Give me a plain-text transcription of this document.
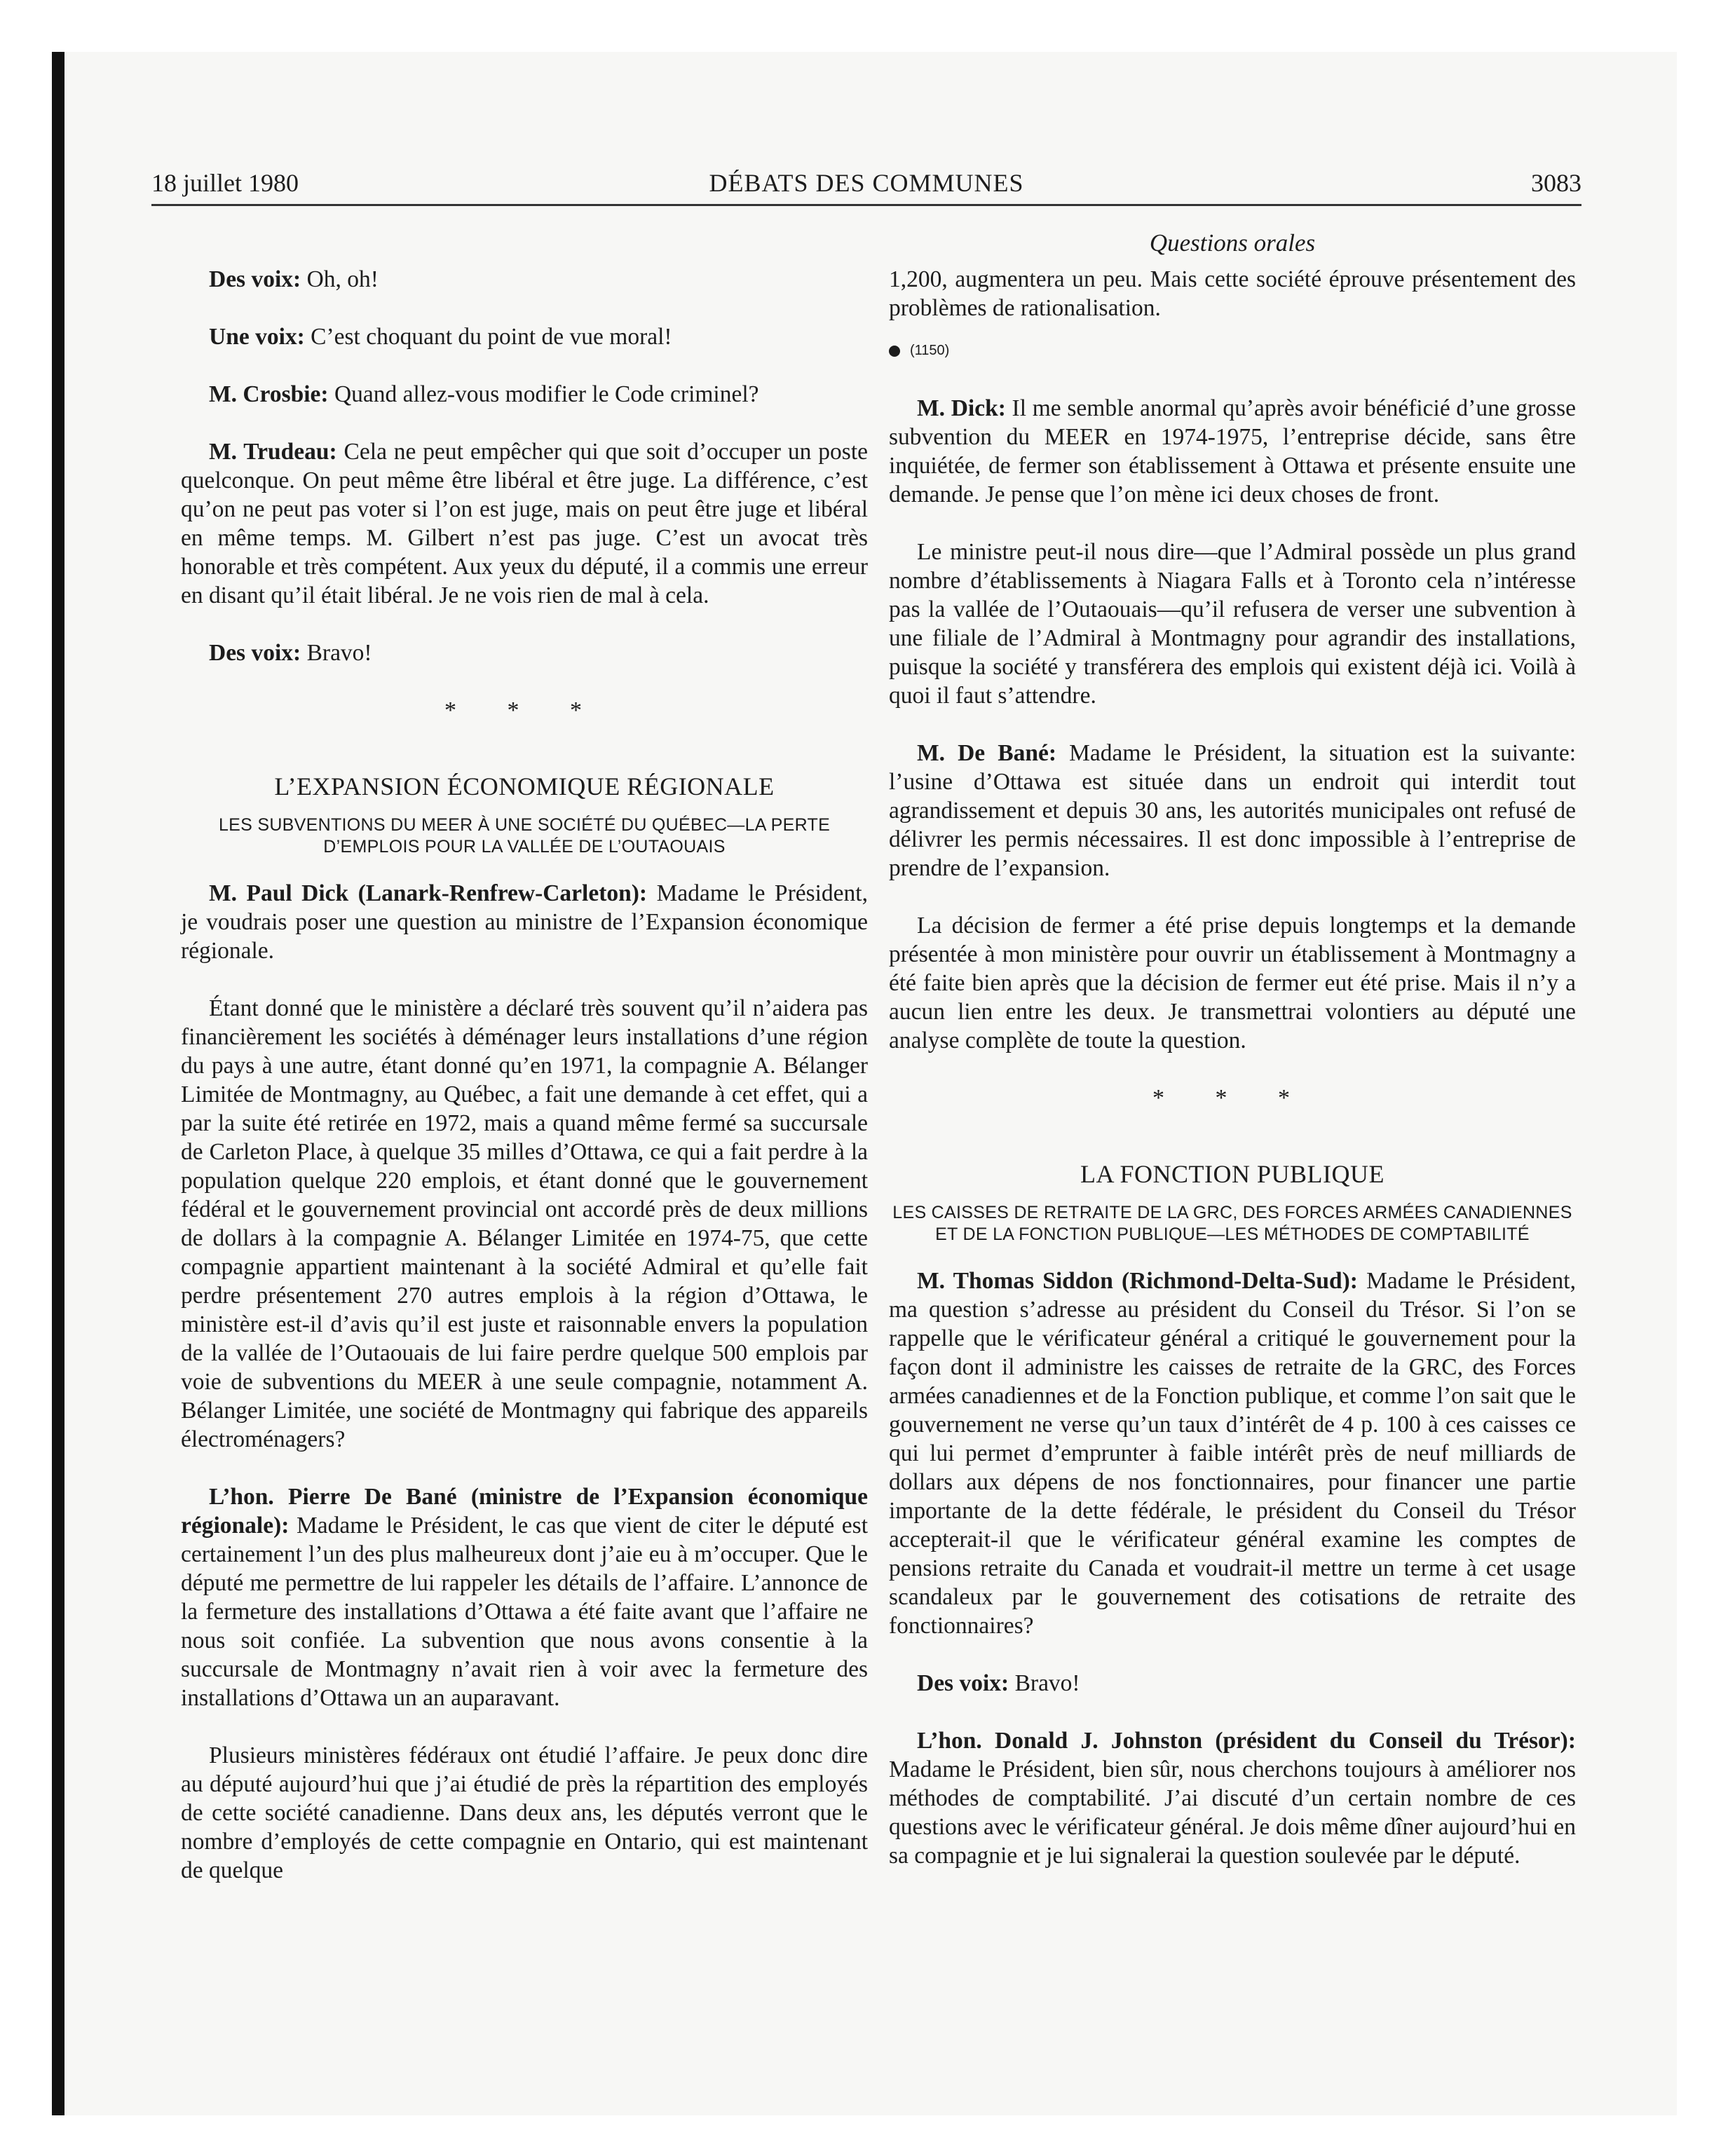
18 juillet 1980	DÉBATS DES COMMUNES	3083

Des voix: Oh, oh!

Une voix: C’est choquant du point de vue moral!

M. Crosbie: Quand allez-vous modifier le Code criminel?

M. Trudeau: Cela ne peut empêcher qui que soit d’occuper un poste quelconque. On peut même être libéral et être juge. La différence, c’est qu’on ne peut pas voter si l’on est juge, mais on peut être juge et libéral en même temps. M. Gilbert n’est pas juge. C’est un avocat très honorable et très compétent. Aux yeux du député, il a commis une erreur en disant qu’il était libéral. Je ne vois rien de mal à cela.

Des voix: Bravo!

* * *
L’EXPANSION ÉCONOMIQUE RÉGIONALE
LES SUBVENTIONS DU MEER À UNE SOCIÉTÉ DU QUÉBEC—LA PERTE D’EMPLOIS POUR LA VALLÉE DE L’OUTAOUAIS

M. Paul Dick (Lanark-Renfrew-Carleton): Madame le Président, je voudrais poser une question au ministre de l’Expansion économique régionale.

Étant donné que le ministère a déclaré très souvent qu’il n’aidera pas financièrement les sociétés à déménager leurs installations d’une région du pays à une autre, étant donné qu’en 1971, la compagnie A. Bélanger Limitée de Montmagny, au Québec, a fait une demande à cet effet, qui a par la suite été retirée en 1972, mais a quand même fermé sa succursale de Carleton Place, à quelque 35 milles d’Ottawa, ce qui a fait perdre à la population quelque 220 emplois, et étant donné que le gouvernement fédéral et le gouvernement provincial ont accordé près de deux millions de dollars à la compagnie A. Bélanger Limitée en 1974-75, que cette compagnie appartient maintenant à la société Admiral et qu’elle fait perdre présentement 270 autres emplois à la région d’Ottawa, le ministère est-il d’avis qu’il est juste et raisonnable envers la population de la vallée de l’Outaouais de lui faire perdre quelque 500 emplois par voie de subventions du MEER à une seule compagnie, notamment A. Bélanger Limitée, une société de Montmagny qui fabrique des appareils électroménagers?

L’hon. Pierre De Bané (ministre de l’Expansion économique régionale): Madame le Président, le cas que vient de citer le député est certainement l’un des plus malheureux dont j’aie eu à m’occuper. Que le député me permettre de lui rappeler les détails de l’affaire. L’annonce de la fermeture des installations d’Ottawa a été faite avant que l’affaire ne nous soit confiée. La subvention que nous avons consentie à la succursale de Montmagny n’avait rien à voir avec la fermeture des installations d’Ottawa un an auparavant.

Plusieurs ministères fédéraux ont étudié l’affaire. Je peux donc dire au député aujourd’hui que j’ai étudié de près la répartition des employés de cette société canadienne. Dans deux ans, les députés verront que le nombre d’employés de cette compagnie en Ontario, qui est maintenant de quelque

Questions orales

1,200, augmentera un peu. Mais cette société éprouve présentement des problèmes de rationalisation.

(1150)

M. Dick: Il me semble anormal qu’après avoir bénéficié d’une grosse subvention du MEER en 1974-1975, l’entreprise décide, sans être inquiétée, de fermer son établissement à Ottawa et présente ensuite une demande. Je pense que l’on mène ici deux choses de front.

Le ministre peut-il nous dire—que l’Admiral possède un plus grand nombre d’établissements à Niagara Falls et à Toronto cela n’intéresse pas la vallée de l’Outaouais—qu’il refusera de verser une subvention à une filiale de l’Admiral à Montmagny pour agrandir des installations, puisque la société y transférera des emplois qui existent déjà ici. Voilà à quoi il faut s’attendre.

M. De Bané: Madame le Président, la situation est la suivante: l’usine d’Ottawa est située dans un endroit qui interdit tout agrandissement et depuis 30 ans, les autorités municipales ont refusé de délivrer les permis nécessaires. Il est donc impossible à l’entreprise de prendre de l’expansion.

La décision de fermer a été prise depuis longtemps et la demande présentée à mon ministère pour ouvrir un établissement à Montmagny a été faite bien après que la décision de fermer eut été prise. Mais il n’y a aucun lien entre les deux. Je transmettrai volontiers au député une analyse complète de toute la question.

* * *
LA FONCTION PUBLIQUE
LES CAISSES DE RETRAITE DE LA GRC, DES FORCES ARMÉES CANADIENNES ET DE LA FONCTION PUBLIQUE—LES MÉTHODES DE COMPTABILITÉ

M. Thomas Siddon (Richmond-Delta-Sud): Madame le Président, ma question s’adresse au président du Conseil du Trésor. Si l’on se rappelle que le vérificateur général a critiqué le gouvernement pour la façon dont il administre les caisses de retraite de la GRC, des Forces armées canadiennes et de la Fonction publique, et comme l’on sait que le gouvernement ne verse qu’un taux d’intérêt de 4 p. 100 à ces caisses ce qui lui permet d’emprunter à faible intérêt près de neuf milliards de dollars aux dépens de nos fonctionnaires, pour financer une partie importante de la dette fédérale, le président du Conseil du Trésor accepterait-il que le vérificateur général examine les comptes de pensions retraite du Canada et voudrait-il mettre un terme à cet usage scandaleux par le gouvernement des cotisations de retraite des fonctionnaires?

Des voix: Bravo!

L’hon. Donald J. Johnston (président du Conseil du Trésor): Madame le Président, bien sûr, nous cherchons toujours à améliorer nos méthodes de comptabilité. J’ai discuté d’un certain nombre de ces questions avec le vérificateur général. Je dois même dîner aujourd’hui en sa compagnie et je lui signalerai la question soulevée par le député.
